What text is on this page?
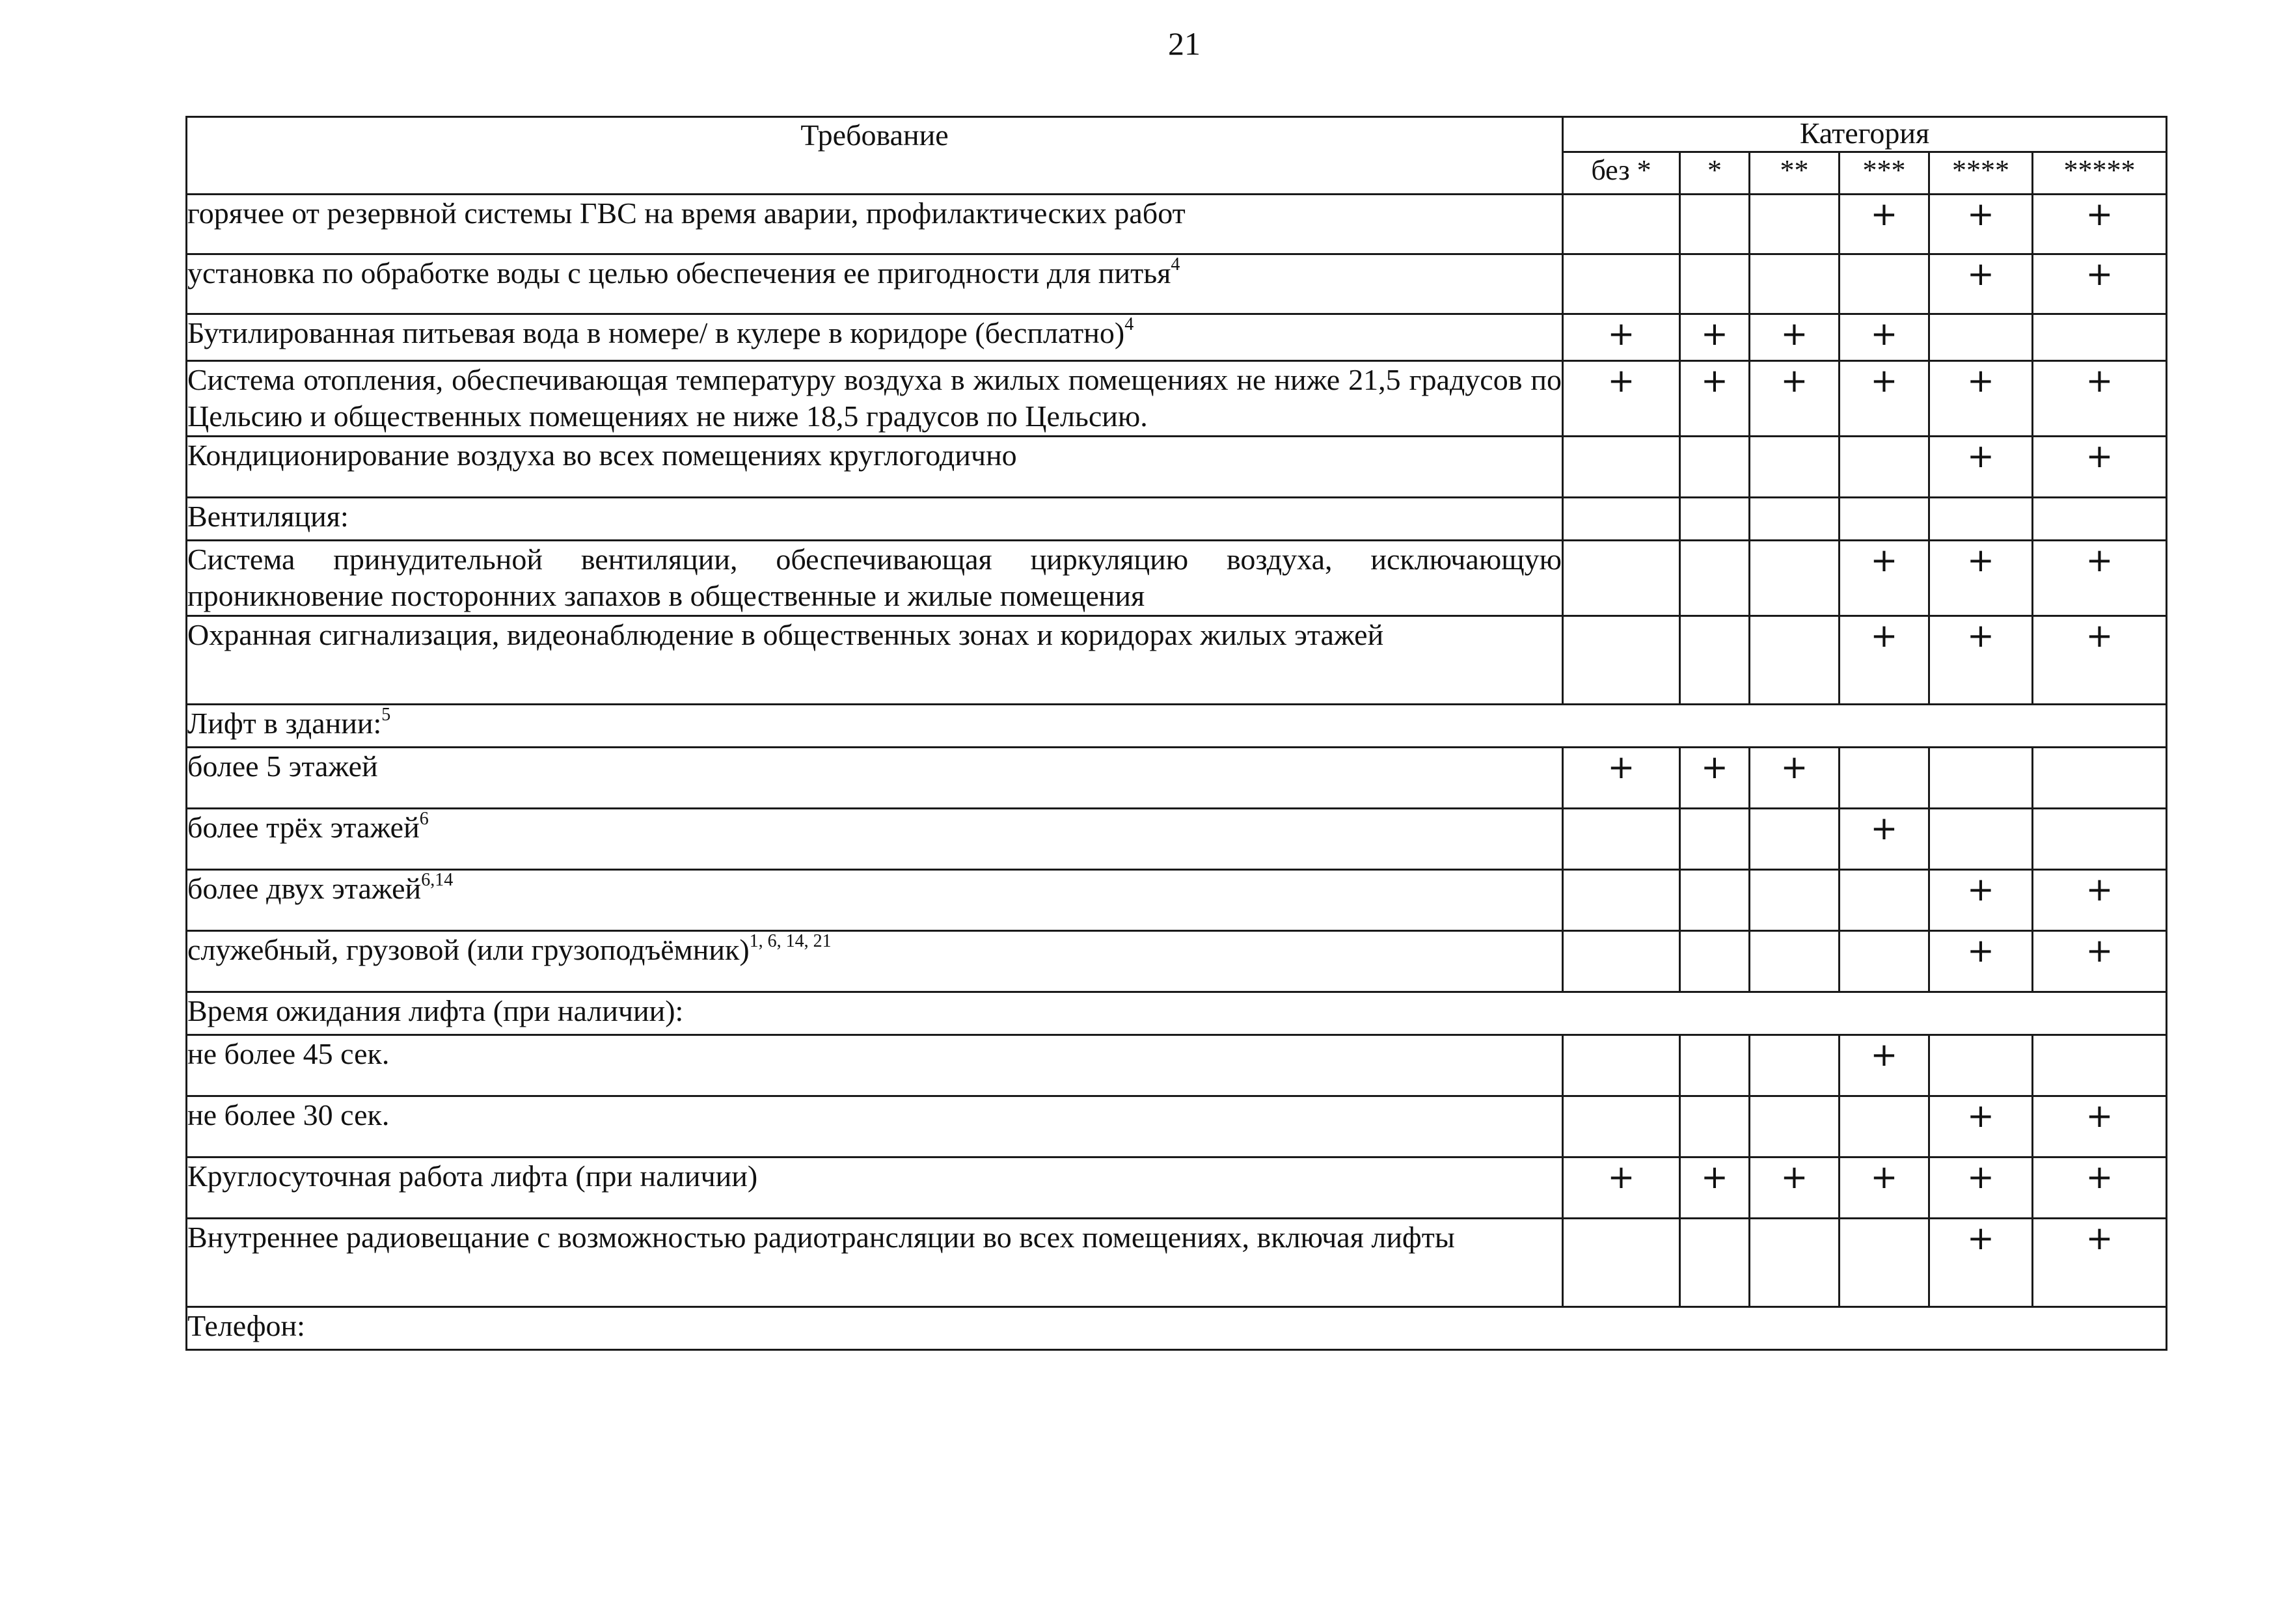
21
Требование	Категория					
	без *	*	**	***	****	*****
горячее от резервной системы ГВС на время аварии, профилактических работ				+	+	+
установка по обработке воды с целью обеспечения ее пригодности для питья$^4$					+	+
Бутилированная питьевая вода в номере/ в кулере в коридоре (бесплатно)$^4$	+	+	+	+		
Система отопления, обеспечивающая температуру воздуха в жилых помещениях не ниже 21,5 градусов по Цельсию и общественных помещениях не ниже 18,5 градусов по Цельсию.	+	+	+	+	+	+
Кондиционирование воздуха во всех помещениях круглогодично					+	+
Вентиляция:						
Система принудительной вентиляции, обеспечивающая циркуляцию воздуха, исключающую проникновение посторонних запахов в общественные и жилые помещения				+	+	+
Охранная сигнализация, видеонаблюдение в общественных зонах и коридорах жилых этажей				+	+	+
Лифт в здании:$^5$
более 5 этажей	+	+	+			
более трёх этажей$^6$				+		
более двух этажей$^{6,14}$					+	+
служебный, грузовой (или грузоподъёмник)$^{1, 6, 14, 21}$					+	+
Время ожидания лифта (при наличии):						
не более 45 сек.				+		
не более 30 сек.					+	+
Круглосуточная работа лифта (при наличии)	+	+	+	+	+	+
Внутреннее радиовещание с возможностью радиотрансляции во всех помещениях, включая лифты					+	+
Телефон:						
